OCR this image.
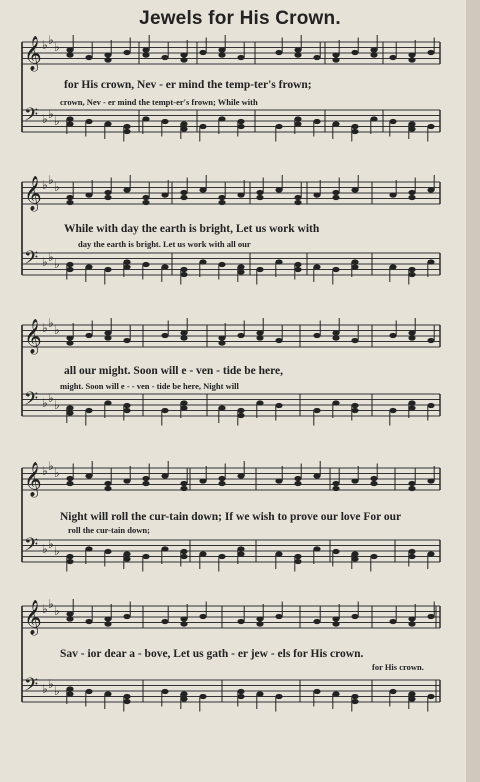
Jewels for His Crown.
𝄞
𝄢
♭ ♭ ♭
♭ ♭ ♭
𝄞
𝄢
♭ ♭ ♭
♭ ♭ ♭
𝄞
𝄢
♭ ♭ ♭
♭ ♭ ♭
𝄞
𝄢
♭ ♭ ♭
♭ ♭ ♭
𝄞
𝄢
♭ ♭ ♭
♭ ♭ ♭
for His crown, Nev - er mind the temp-ter's frown;
crown, Nev - er mind the tempt-er's frown; While with
While with day the earth is bright, Let us work with
day the earth is bright. Let us work with all our
all our might. Soon will e - ven - tide be here,
might. Soon will e - - ven - tide be here, Night will
Night will roll the cur-tain down; If we wish to prove our love For our
roll the cur-tain down;
Sav - ior dear a - bove, Let us gath - er jew - els for His crown.
for His crown.
